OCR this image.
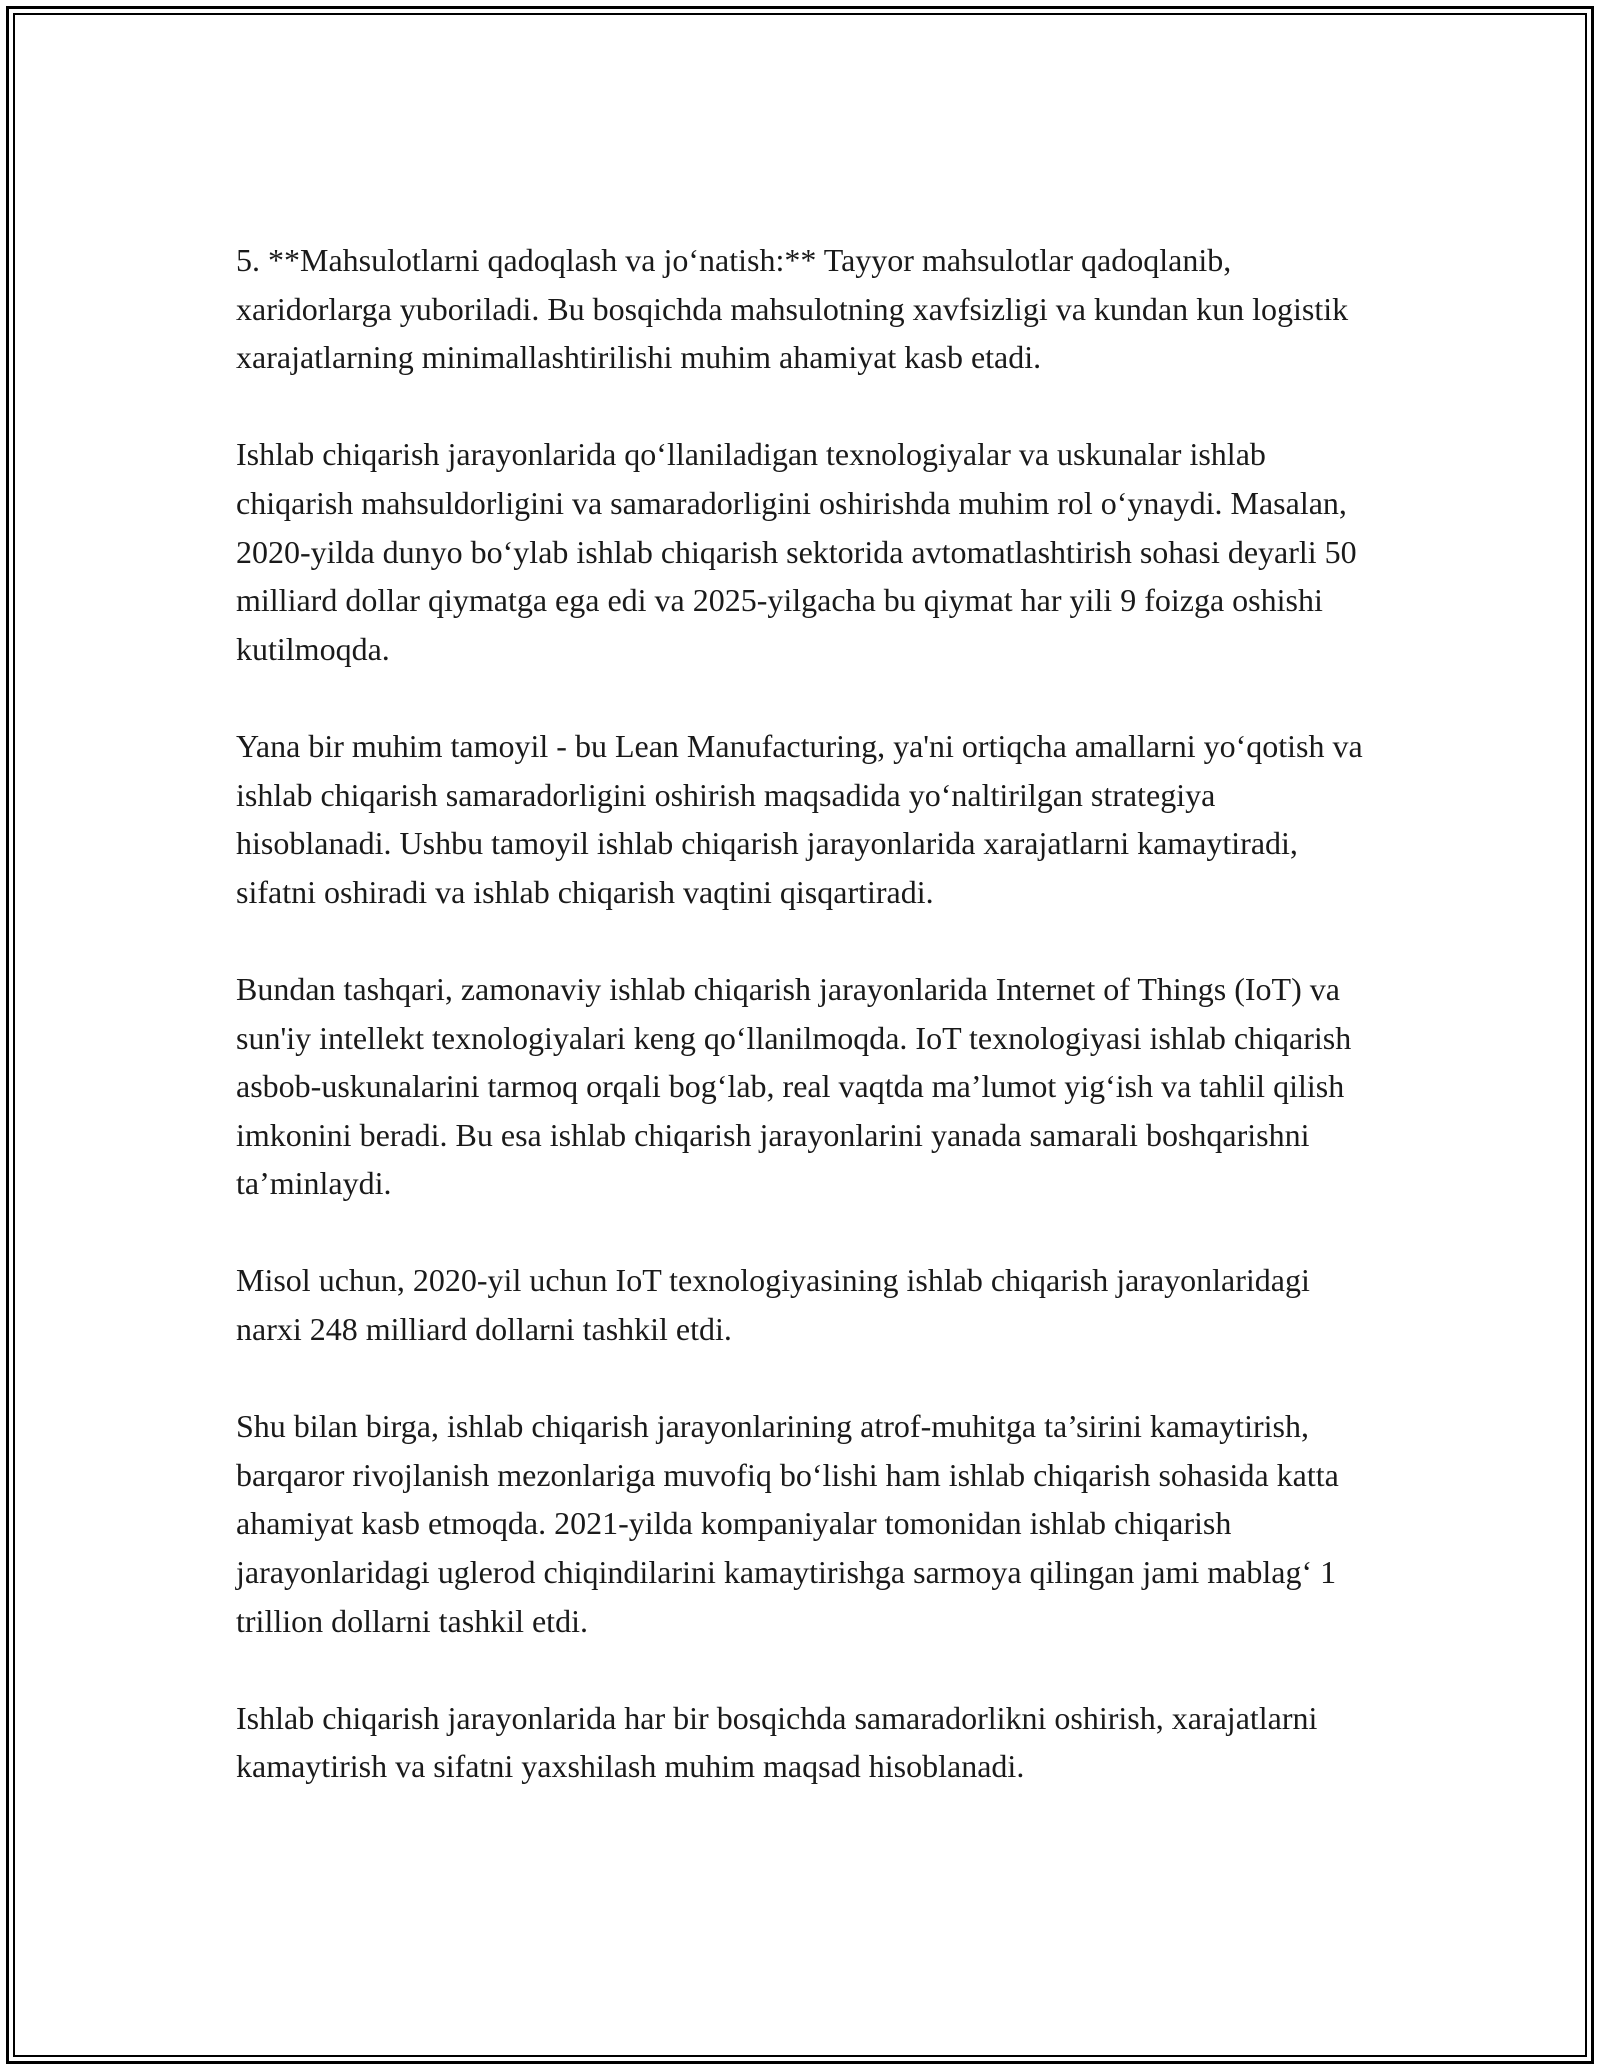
5. **Mahsulotlarni qadoqlash va jo‘natish:** Tayyor mahsulotlar qadoqlanib, xaridorlarga yuboriladi. Bu bosqichda mahsulotning xavfsizligi va kundan kun logistik xarajatlarning minimallashtirilishi muhim ahamiyat kasb etadi.

Ishlab chiqarish jarayonlarida qo‘llaniladigan texnologiyalar va uskunalar ishlab chiqarish mahsuldorligini va samaradorligini oshirishda muhim rol o‘ynaydi. Masalan, 2020-yilda dunyo bo‘ylab ishlab chiqarish sektorida avtomatlashtirish sohasi deyarli 50 milliard dollar qiymatga ega edi va 2025-yilgacha bu qiymat har yili 9 foizga oshishi kutilmoqda.

Yana bir muhim tamoyil - bu Lean Manufacturing, ya'ni ortiqcha amallarni yo‘qotish va ishlab chiqarish samaradorligini oshirish maqsadida yo‘naltirilgan strategiya hisoblanadi. Ushbu tamoyil ishlab chiqarish jarayonlarida xarajatlarni kamaytiradi, sifatni oshiradi va ishlab chiqarish vaqtini qisqartiradi.

Bundan tashqari, zamonaviy ishlab chiqarish jarayonlarida Internet of Things (IoT) va sun'iy intellekt texnologiyalari keng qo‘llanilmoqda. IoT texnologiyasi ishlab chiqarish asbob-uskunalarini tarmoq orqali bog‘lab, real vaqtda ma’lumot yig‘ish va tahlil qilish imkonini beradi. Bu esa ishlab chiqarish jarayonlarini yanada samarali boshqarishni ta’minlaydi.

Misol uchun, 2020-yil uchun IoT texnologiyasining ishlab chiqarish jarayonlaridagi narxi 248 milliard dollarni tashkil etdi.

Shu bilan birga, ishlab chiqarish jarayonlarining atrof-muhitga ta’sirini kamaytirish, barqaror rivojlanish mezonlariga muvofiq bo‘lishi ham ishlab chiqarish sohasida katta ahamiyat kasb etmoqda. 2021-yilda kompaniyalar tomonidan ishlab chiqarish jarayonlaridagi uglerod chiqindilarini kamaytirishga sarmoya qilingan jami mablag‘ 1 trillion dollarni tashkil etdi.

Ishlab chiqarish jarayonlarida har bir bosqichda samaradorlikni oshirish, xarajatlarni kamaytirish va sifatni yaxshilash muhim maqsad hisoblanadi.
